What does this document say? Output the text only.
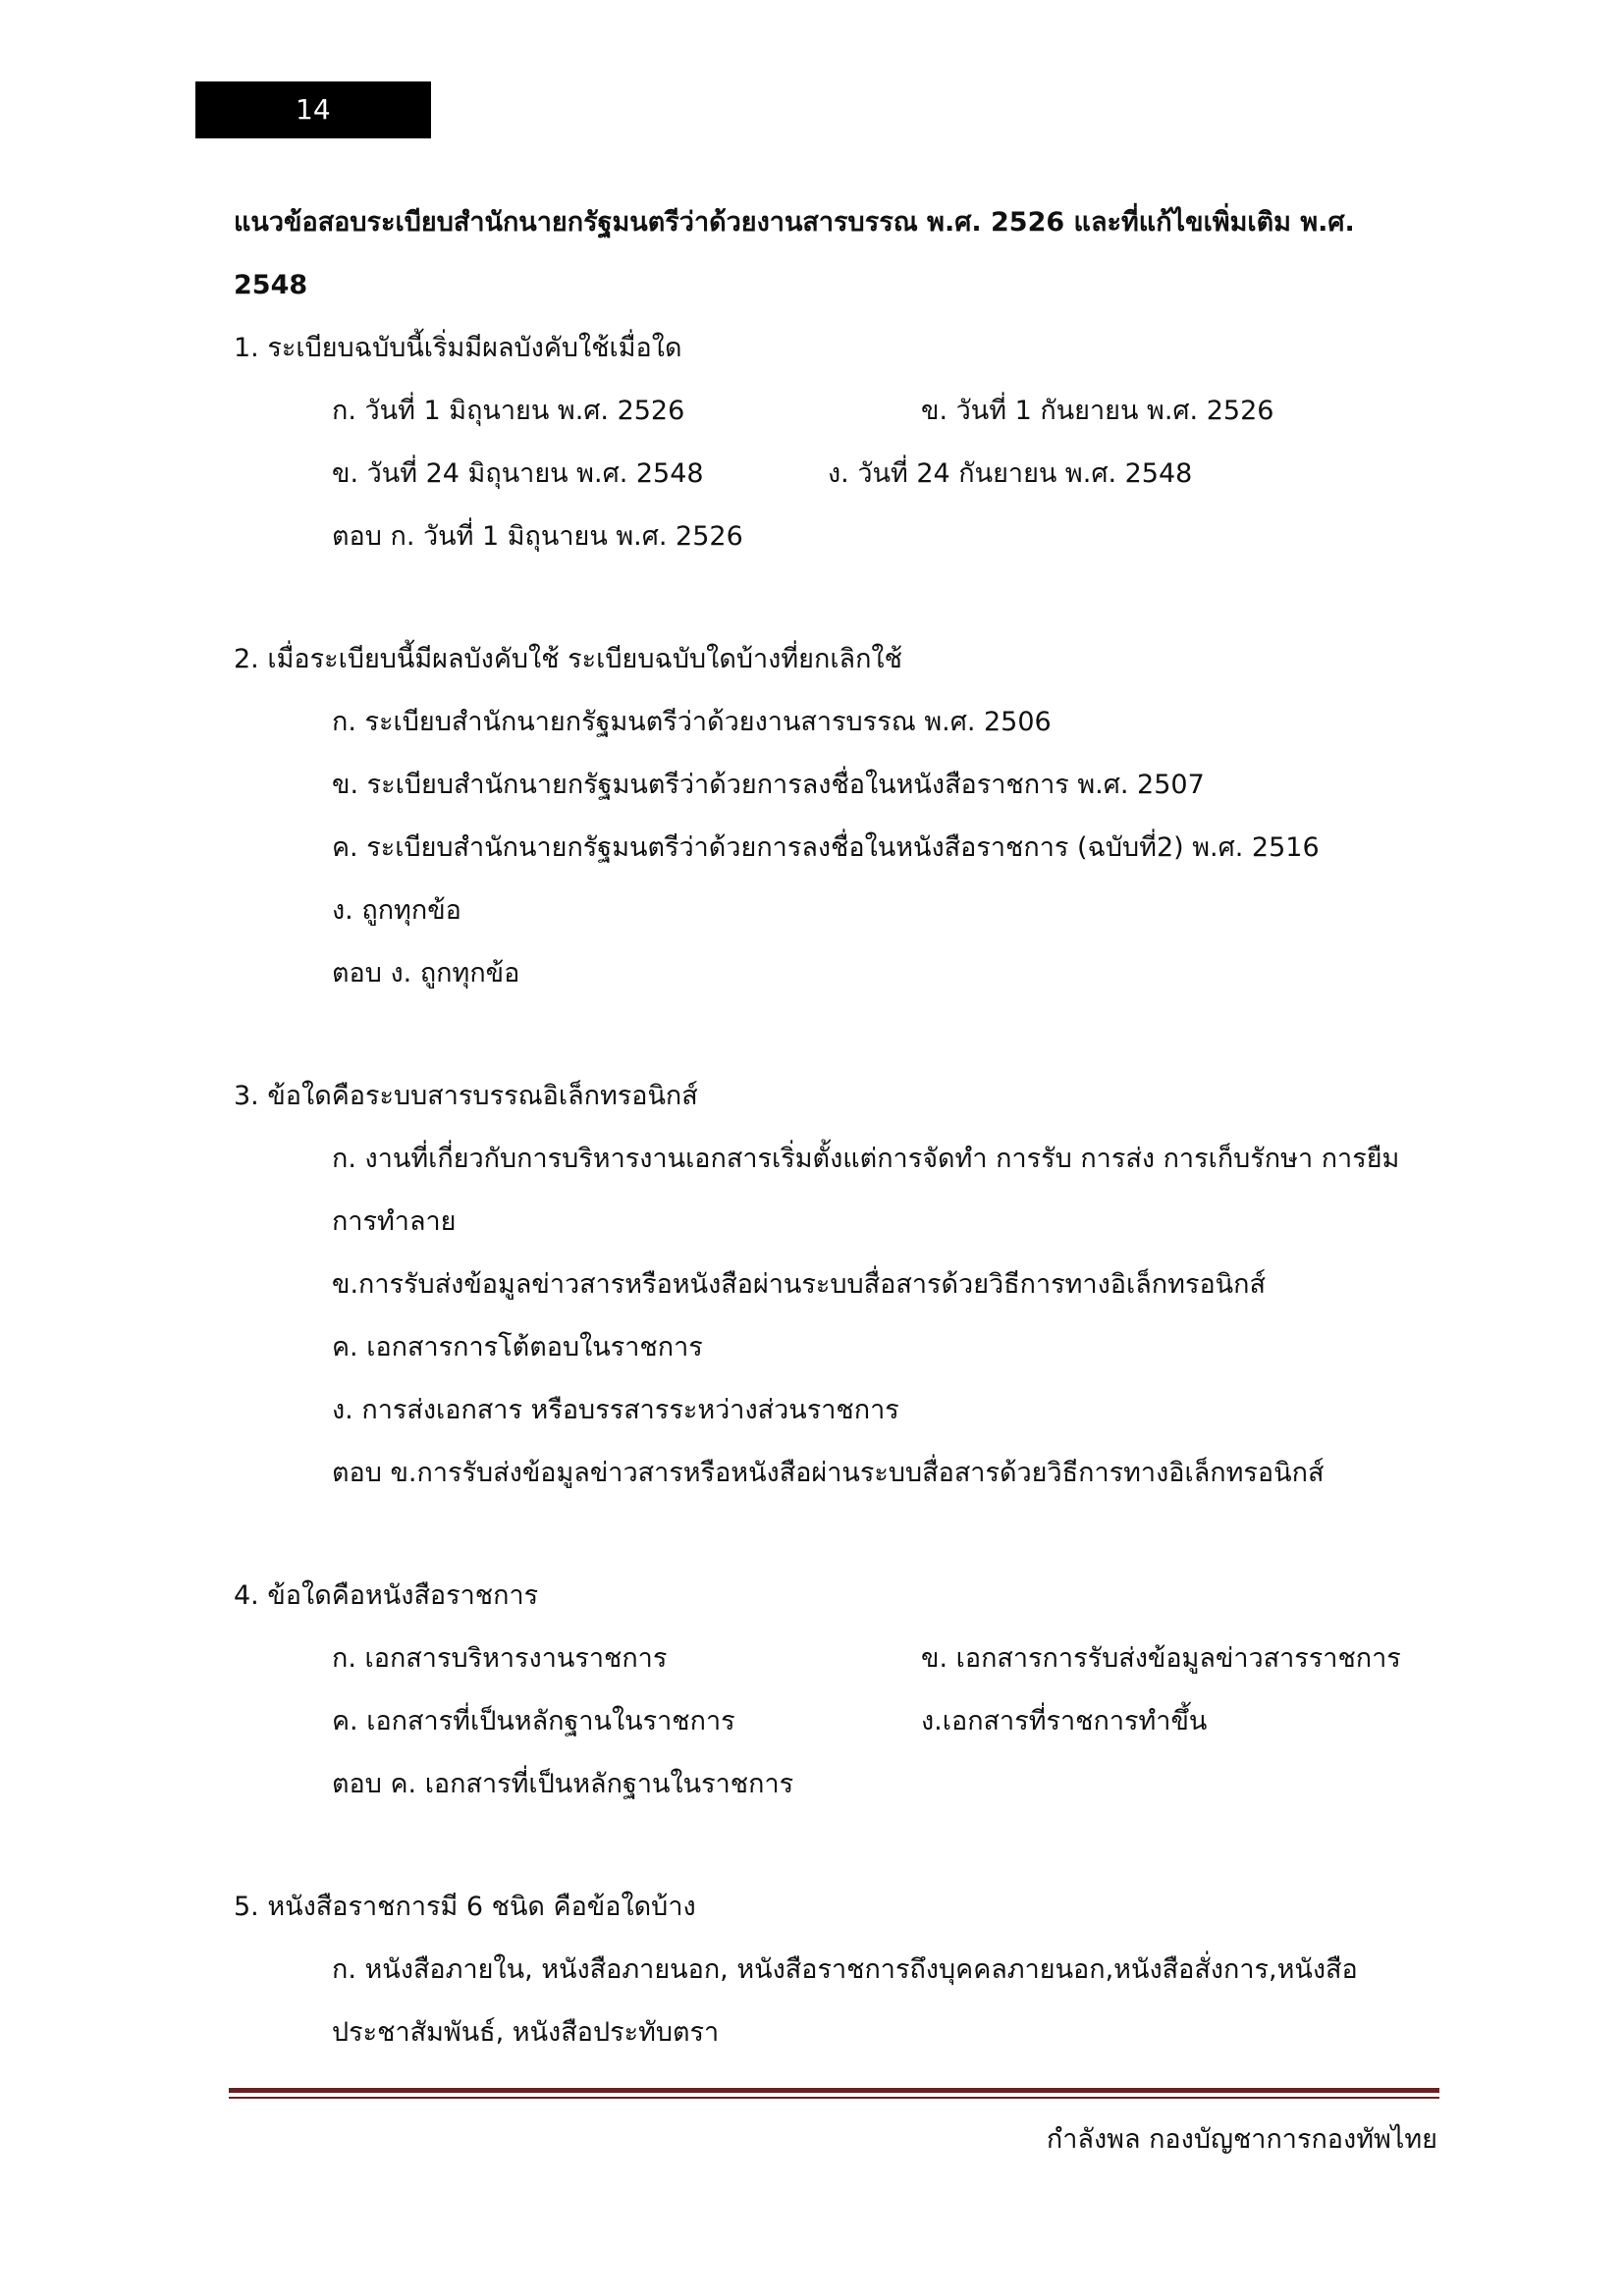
14
แนวข้อสอบระเบียบสำนักนายกรัฐมนตรีว่าด้วยงานสารบรรณ พ.ศ. 2526 และที่แก้ไขเพิ่มเติม พ.ศ. 2548
1. ระเบียบฉบับนี้เริ่มมีผลบังคับใช้เมื่อใด
ก. วันที่ 1 มิถุนายน พ.ศ. 2526	ข. วันที่ 1 กันยายน พ.ศ. 2526
ข. วันที่ 24 มิถุนายน พ.ศ. 2548	ง. วันที่ 24 กันยายน พ.ศ. 2548
ตอบ ก. วันที่ 1 มิถุนายน พ.ศ. 2526
2. เมื่อระเบียบนี้มีผลบังคับใช้ ระเบียบฉบับใดบ้างที่ยกเลิกใช้
ก. ระเบียบสำนักนายกรัฐมนตรีว่าด้วยงานสารบรรณ พ.ศ. 2506
ข. ระเบียบสำนักนายกรัฐมนตรีว่าด้วยการลงชื่อในหนังสือราชการ พ.ศ. 2507
ค. ระเบียบสำนักนายกรัฐมนตรีว่าด้วยการลงชื่อในหนังสือราชการ (ฉบับที่2) พ.ศ. 2516
ง. ถูกทุกข้อ
ตอบ ง. ถูกทุกข้อ
3. ข้อใดคือระบบสารบรรณอิเล็กทรอนิกส์
ก. งานที่เกี่ยวกับการบริหารงานเอกสารเริ่มตั้งแต่การจัดทำ การรับ การส่ง การเก็บรักษา การยืม การทำลาย
ข.การรับส่งข้อมูลข่าวสารหรือหนังสือผ่านระบบสื่อสารด้วยวิธีการทางอิเล็กทรอนิกส์
ค. เอกสารการโต้ตอบในราชการ
ง. การส่งเอกสาร หรือบรรสารระหว่างส่วนราชการ
ตอบ ข.การรับส่งข้อมูลข่าวสารหรือหนังสือผ่านระบบสื่อสารด้วยวิธีการทางอิเล็กทรอนิกส์
4. ข้อใดคือหนังสือราชการ
ก. เอกสารบริหารงานราชการ	ข. เอกสารการรับส่งข้อมูลข่าวสารราชการ
ค. เอกสารที่เป็นหลักฐานในราชการ	ง.เอกสารที่ราชการทำขึ้น
ตอบ ค. เอกสารที่เป็นหลักฐานในราชการ
5. หนังสือราชการมี 6 ชนิด คือข้อใดบ้าง
ก. หนังสือภายใน, หนังสือภายนอก, หนังสือราชการถึงบุคคลภายนอก,หนังสือสั่งการ,หนังสือประชาสัมพันธ์, หนังสือประทับตรา
กำลังพล กองบัญชาการกองทัพไทย
